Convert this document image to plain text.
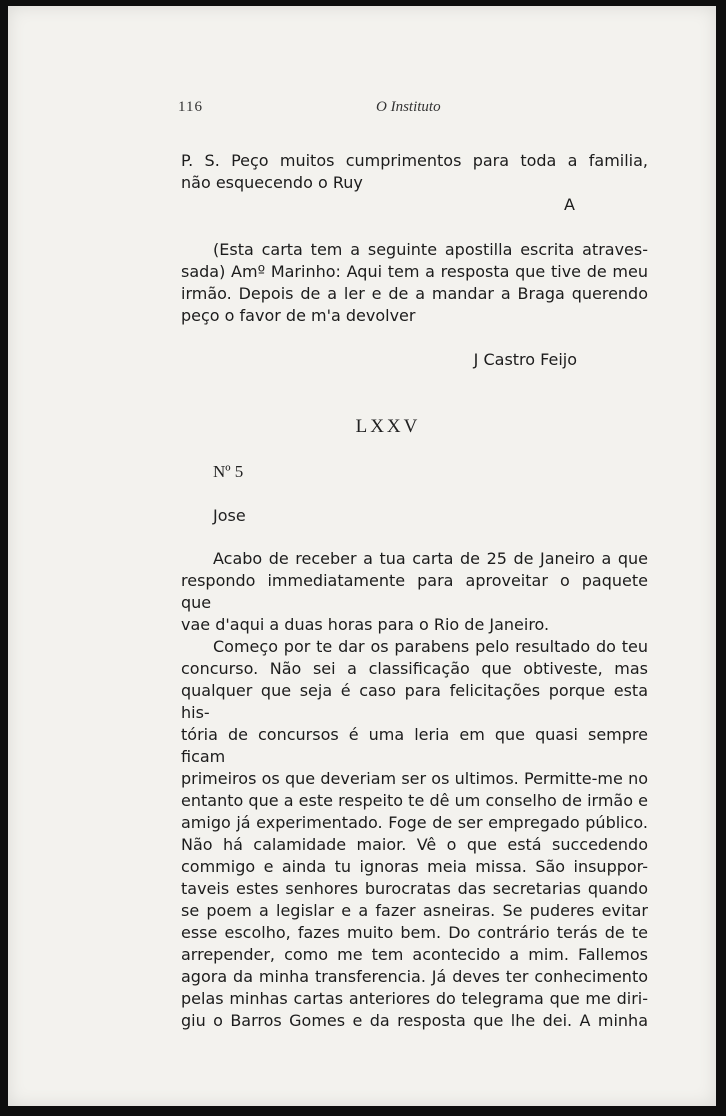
116	O Instituto
P. S. Peço muitos cumprimentos para toda a familia,
não esquecendo o Ruy
A
(Esta carta tem a seguinte apostilla escrita atraves-
sada) Amº Marinho: Aqui tem a resposta que tive de meu
irmão. Depois de a ler e de a mandar a Braga querendo
peço o favor de m'a devolver
J Castro Feijo
LXXV
Nº 5
Jose
Acabo de receber a tua carta de 25 de Janeiro a que
respondo immediatamente para aproveitar o paquete que
vae d'aqui a duas horas para o Rio de Janeiro.
Começo por te dar os parabens pelo resultado do teu
concurso. Não sei a classificação que obtiveste, mas
qualquer que seja é caso para felicitações porque esta his-
tória de concursos é uma leria em que quasi sempre ficam
primeiros os que deveriam ser os ultimos. Permitte-me no
entanto que a este respeito te dê um conselho de irmão e
amigo já experimentado. Foge de ser empregado público.
Não há calamidade maior. Vê o que está succedendo
commigo e ainda tu ignoras meia missa. São insuppor-
taveis estes senhores burocratas das secretarias quando
se poem a legislar e a fazer asneiras. Se puderes evitar
esse escolho, fazes muito bem. Do contrário terás de te
arrepender, como me tem acontecido a mim. Fallemos
agora da minha transferencia. Já deves ter conhecimento
pelas minhas cartas anteriores do telegrama que me diri-
giu o Barros Gomes e da resposta que lhe dei. A minha
